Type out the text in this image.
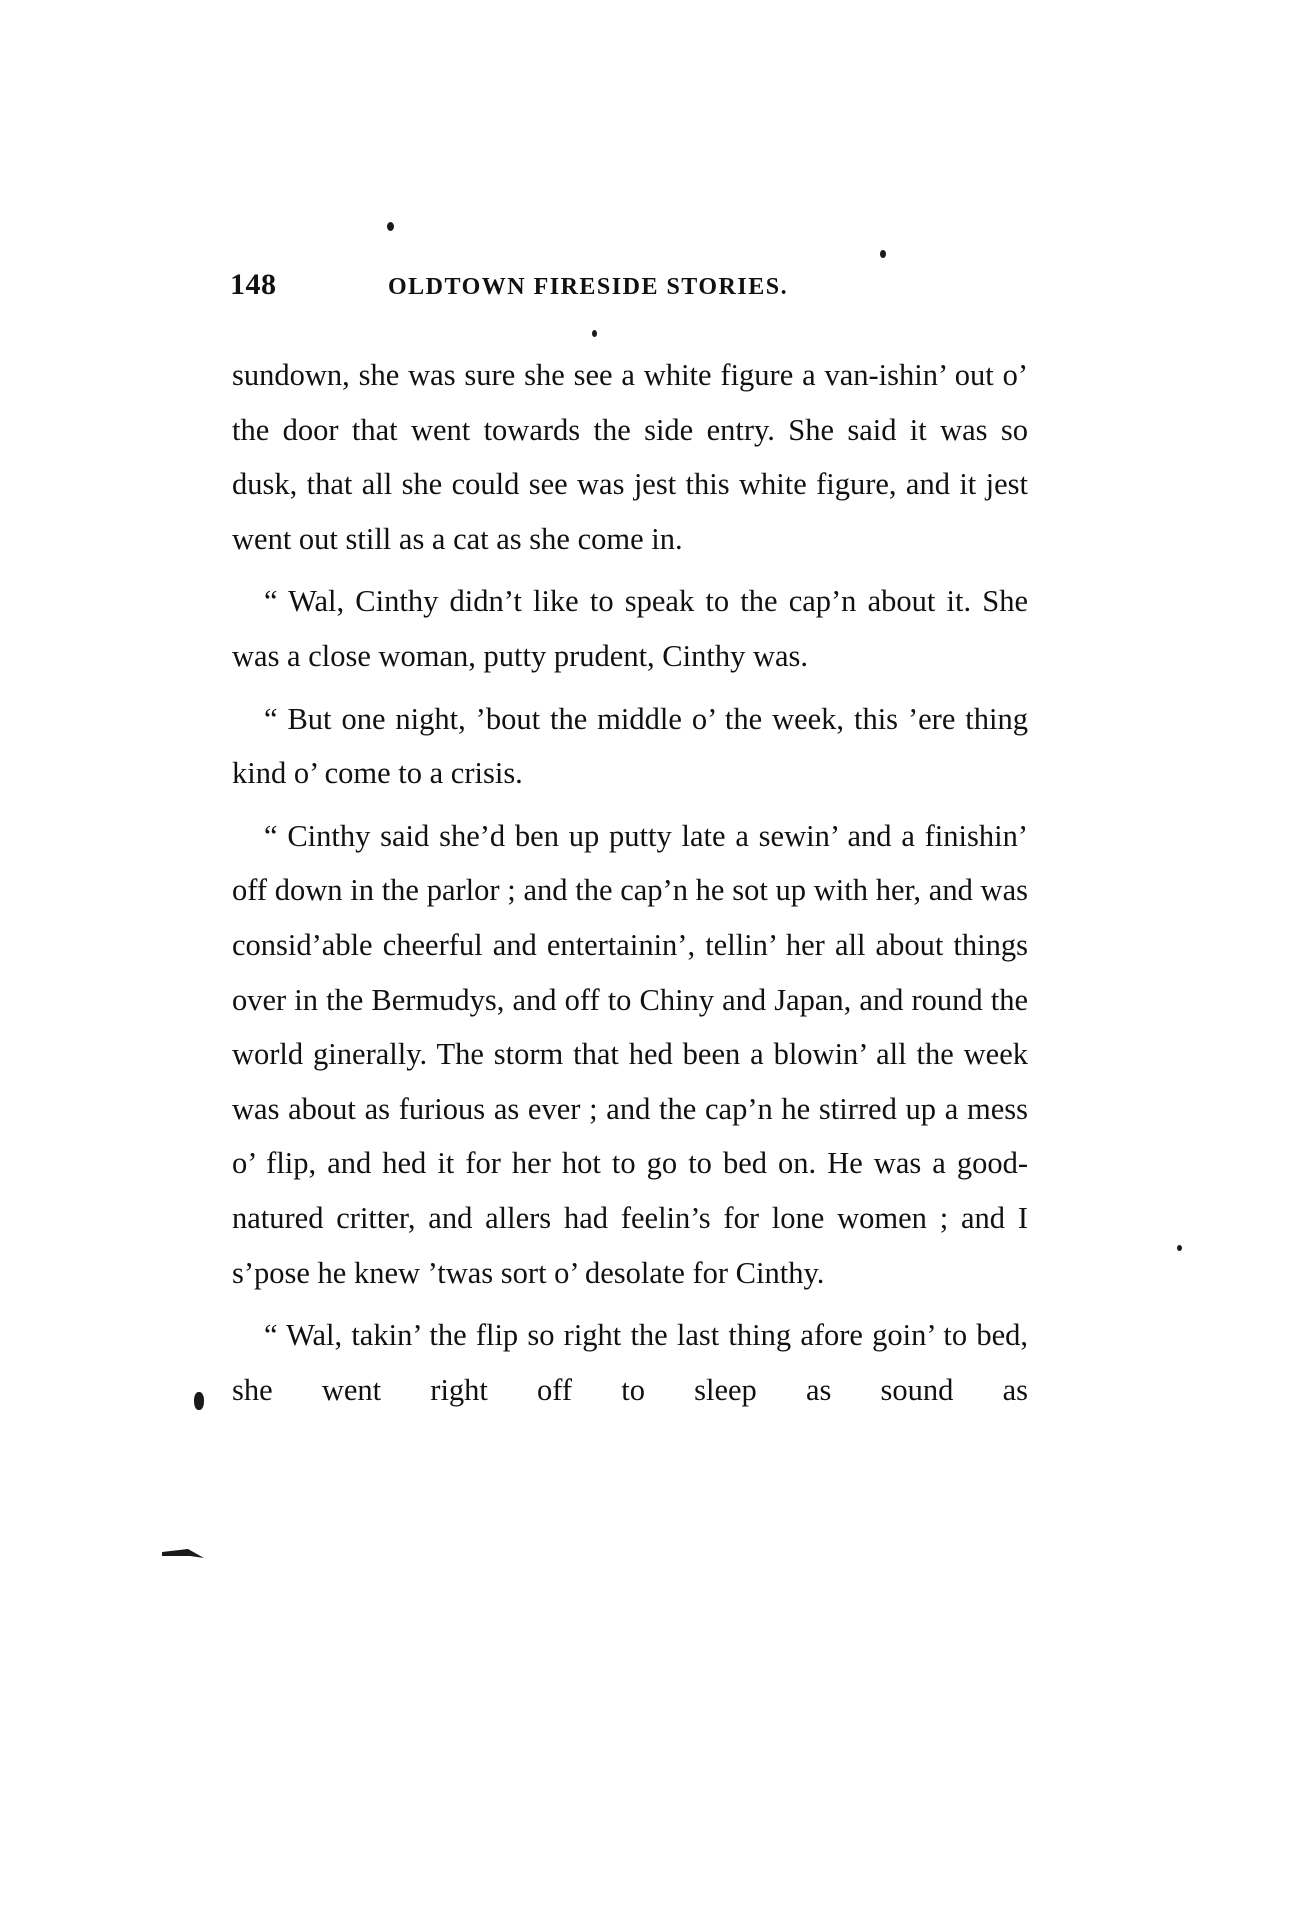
148	OLDTOWN FIRESIDE STORIES.

sundown, she was sure she see a white figure a van-ishin’ out o’ the door that went towards the side entry. She said it was so dusk, that all she could see was jest this white figure, and it jest went out still as a cat as she come in.

“ Wal, Cinthy didn’t like to speak to the cap’n about it. She was a close woman, putty prudent, Cinthy was.

“ But one night, ’bout the middle o’ the week, this ’ere thing kind o’ come to a crisis.

“ Cinthy said she’d ben up putty late a sewin’ and a finishin’ off down in the parlor ; and the cap’n he sot up with her, and was consid’able cheerful and entertainin’, tellin’ her all about things over in the Bermudys, and off to Chiny and Japan, and round the world ginerally. The storm that hed been a blowin’ all the week was about as furious as ever ; and the cap’n he stirred up a mess o’ flip, and hed it for her hot to go to bed on. He was a good-natured critter, and allers had feelin’s for lone women ; and I s’pose he knew ’twas sort o’ desolate for Cinthy.

“ Wal, takin’ the flip so right the last thing afore goin’ to bed, she went right off to sleep as sound as
